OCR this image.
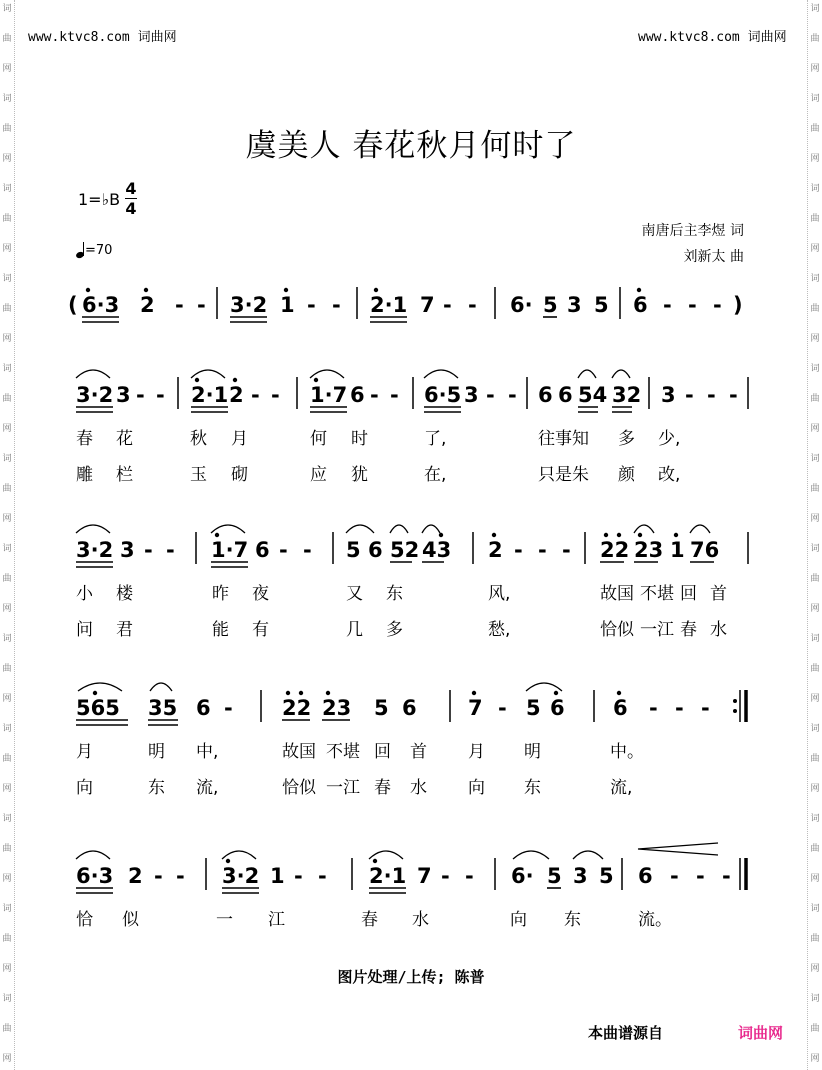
词
曲
网
词
曲
网
词
曲
网
词
曲
网
词
曲
网
词
曲
网
词
曲
网
词
曲
网
词
曲
网
词
曲
网
词
曲
网
词
曲
网
词
曲
网
词
曲
网
词
曲
网
词
曲
网
词
曲
网
词
曲
网
词
曲
网
词
曲
网
词
曲
网
词
曲
网
词
曲
网
词
曲
网
www.ktvc8.com 词曲网	www.ktvc8.com 词曲网
虞美人 春花秋月何时了
1=♭B
4
4
=70
南唐后主李煜 词
刘新太 曲
( 6·3 2 - - 3·2 1 - - 2·1 7 - - 6· 5 3 5 6 - - - )
3·2 3 - - 2·1 2 - - 1·7 6 - - 6·5 3 - - 6 6 54 32 3 - - -
春 花	秋 月	何 时	了,	往事知 多 少,
雕 栏	玉 砌	应 犹	在,	只是朱 颜 改,
3·2 3 - - 1·7 6 - - 5 6 52 43 2 - - - 22 23 1 76
小 楼	昨 夜	又 东	风,	故国 不堪 回 首
问 君	能 有	几 多	愁,	恰似 一江 春 水
565 35 6 - 22 23 5 6 7 - 5 6 6 - - -
月	明 中,	故国 不堪 回 首 月 明	中。
向	东 流,	恰似 一江 春 水 向 东	流,
6·3 2 - - 3·2 1 - - 2·1 7 - - 6· 5 3 5 6 - - -
恰 似	一 江	春 水	向 东	流。
图片处理/上传; 陈普
本曲谱源自	词曲网
